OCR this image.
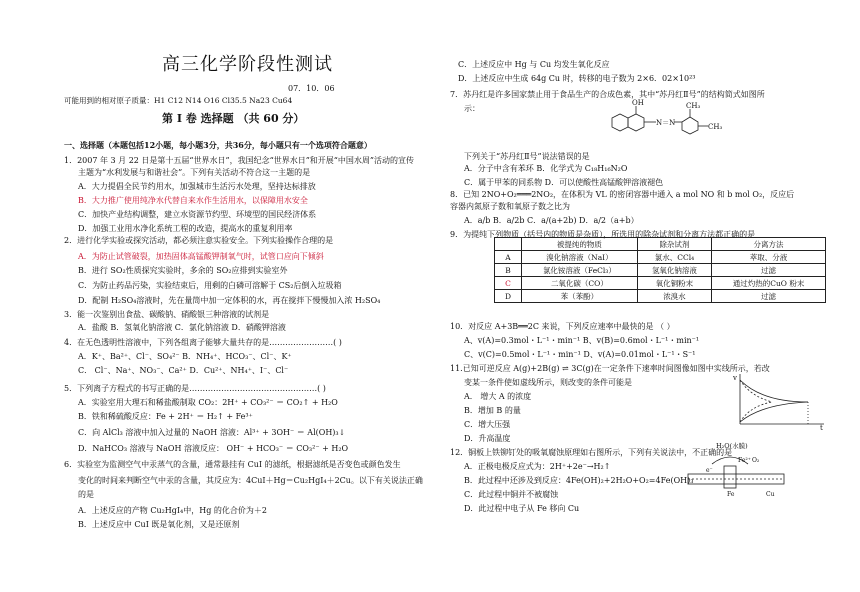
高三化学阶段性测试
07．10．06
可能用到的相对原子质量：H1 C12 N14 O16 Cl35.5 Na23 Cu64
第 Ⅰ 卷 选择题 （共 60 分）
一、选择题（本题包括12小题，每小题3分，共36分，每小题只有一个选项符合题意）
1．2007 年 3 月 22 日是第十五届“世界水日”，我国纪念“世界水日”和开展“中国水周”活动的宣传
主题为“水利发展与和谐社会”。下列有关活动不符合这一主题的是
A．大力提倡全民节约用水，加强城市生活污水处理，坚持达标排放
B．大力推广使用纯净水代替自来水作生活用水，以保障用水安全
C．加快产业结构调整，建立水资源节约型、环境型的国民经济体系
D．加强工业用水净化系统工程的改造，提高水的重复利用率
2．进行化学实验或探究活动，都必须注意实验安全。下列实验操作合理的是
A．为防止试管破裂，加热固体高锰酸钾制氧气时，试管口应向下倾斜
B．进行 SO₂性质探究实验时，多余的 SO₂应排到实验室外
C．为防止药品污染，实验结束后，用剩的白磷可溶解于 CS₂后倒入垃圾箱
D．配制 H₂SO₄溶液时，先在量筒中加一定体积的水，再在搅拌下慢慢加入浓 H₂SO₄
3．能一次鉴别出食盐、碳酸钠、硝酸银三种溶液的试剂是
A．盐酸 B．氢氧化钠溶液 C．氯化钠溶液 D．硝酸钾溶液
4．在无色透明性溶液中，下列各组离子能够大量共存的是……………………( )
A．K⁺、Ba²⁺、Cl⁻、SO₄²⁻ B．NH₄⁺、HCO₃⁻、Cl⁻、K⁺
C． Cl⁻、Na⁺、NO₃⁻、Ca²⁺ D．Cu²⁺、NH₄⁺、I⁻、Cl⁻
5．下列离子方程式的书写正确的是…………………………………………( )
A．实验室用大理石和稀盐酸制取 CO₂：2H⁺ + CO₃²⁻ ＝ CO₂↑ + H₂O
B．铁和稀硫酸反应：Fe + 2H⁺ ＝ H₂↑ + Fe³⁺
C．向 AlCl₃ 溶液中加入过量的 NaOH 溶液：Al³⁺ + 3OH⁻ ＝ Al(OH)₃↓
D．NaHCO₃ 溶液与 NaOH 溶液反应： OH⁻ + HCO₃⁻ ＝ CO₃²⁻ + H₂O
6．实验室为监测空气中汞蒸气的含量，通常悬挂有 CuI 的滤纸，根据滤纸是否变色或颜色发生
变化的时间来判断空气中汞的含量，其反应为：4CuI＋Hg＝Cu₂HgI₄＋2Cu。以下有关说法正确
的是
A．上述反应的产物 Cu₂HgI₄中，Hg 的化合价为＋2
B．上述反应中 CuI 既是氧化剂，又是还原剂
C．上述反应中 Hg 与 Cu 均发生氧化反应
D．上述反应中生成 64g Cu 时，转移的电子数为 2×6．02×10²³
7．苏丹红是许多国家禁止用于食品生产的合成色素，其中“苏丹红Ⅱ号”的结构简式如图所
示：
下列关于“苏丹红Ⅱ号”说法错误的是
A．分子中含有苯环 B．化学式为 C₁₈H₁₆N₂O
C．属于甲苯的同系物 D．可以使酸性高锰酸钾溶液褪色
8．已知 2NO+O₂═══2NO₂，在体积为 VL 的密闭容器中通入 a mol NO 和 b mol O₂，反应后
容器内氮原子数和氧原子数之比为
A．a/b B．a/2b C．a/(a+2b) D．a/2（a+b）
9．为提纯下列物质（括号内的物质是杂质），所选用的除杂试剂和分离方法都正确的是
10．对反应 A+3B══2C 来说，下列反应速率中最快的是 （ ）
A、v(A)=0.3mol・L⁻¹・min⁻¹ B、v(B)=0.6mol・L⁻¹・min⁻¹
C、v(C)=0.5mol・L⁻¹・min⁻¹ D、v(A)=0.01mol・L⁻¹・S⁻¹
11.已知可逆反应 A(g)+2B(g) ⇌ 3C(g)在一定条件下速率时间图像如图中实线所示，若改
变某一条件使如虚线所示，则改变的条件可能是
A． 增大 A 的浓度
B．增加 B 的量
C．增大压强
D．升高温度
12．铜板上铁铆钉处的吸氧腐蚀原理如右图所示，下列有关说法中，不正确的是
A．正极电极反应式为：2H⁺+2e⁻→H₂↑
B．此过程中还涉及到反应：4Fe(OH)₂+2H₂O+O₂=4Fe(OH)₃
C．此过程中铜并不被腐蚀
D．此过程中电子从 Fe 移向 Cu
OH
N＝N
CH₃
CH₃
	被提纯的物质	除杂试剂	分离方法
A	溴化钠溶液（NaI）	氯水、CCl₄	萃取、分液
B	氯化铵溶液（FeCl₃）	氢氧化钠溶液	过滤
C	二氧化碳（CO）	氧化铜粉末	通过灼热的CuO 粉末
D	苯（苯酚）	浓溴水	过滤
v
t
H₂O(水膜)
Fe²⁺ O₂
e⁻
Fe	Cu
